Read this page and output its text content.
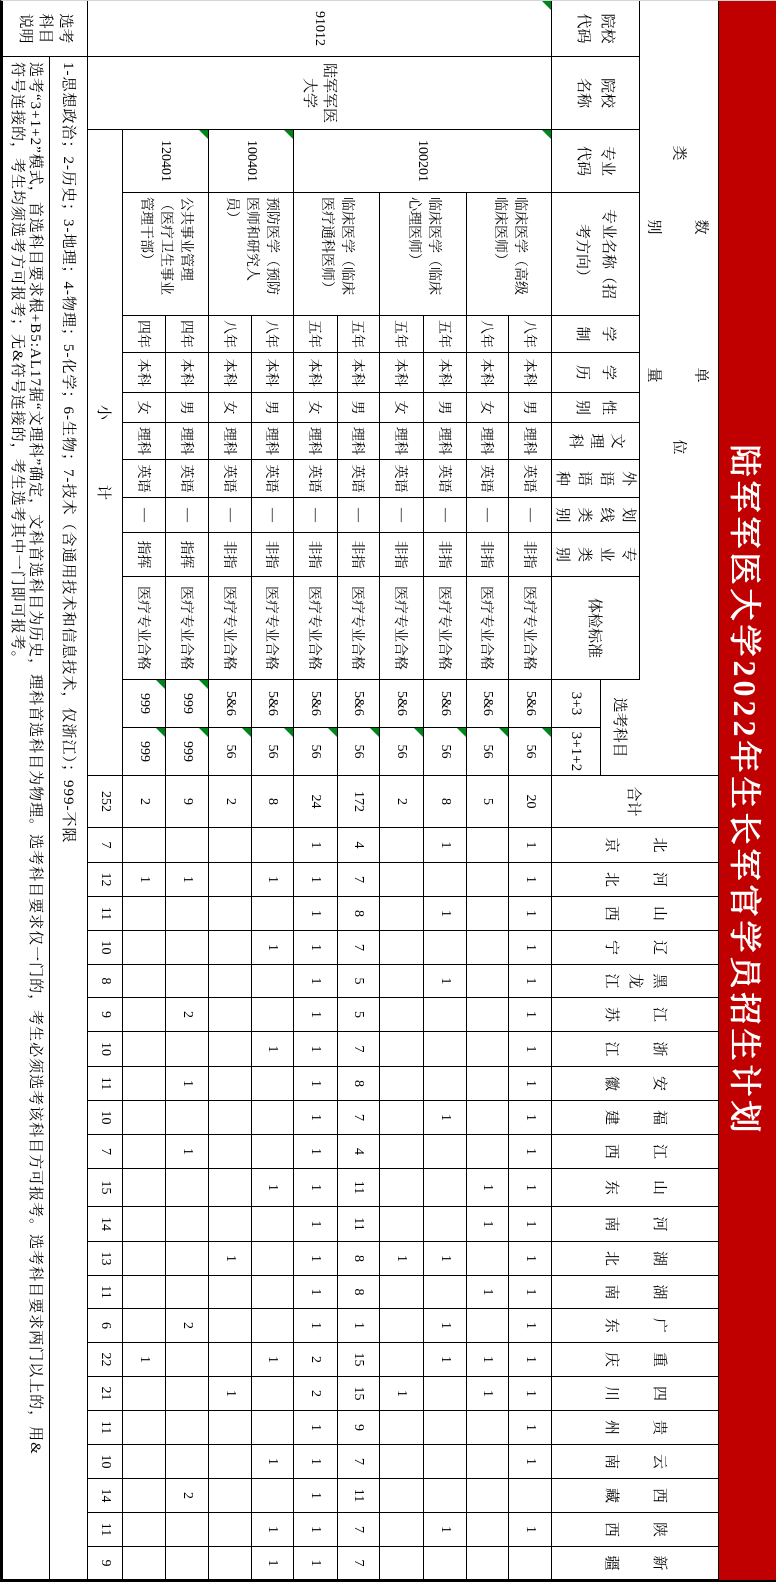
陆军军医大学2022年生长军官学员招生计划
数
单
类
位
别
量
选考科目
3+3
3+1+2
合计
院校代码
院校名称
专业代码
专业名称（招考方向）
学制
学历
性别
文理科
外语语种
划线类别
专业类别
体检标准
91012
陆军军医大学
100201
100401
120401
临床医学（高级临床医师）
临床医学（临床心理医师）
临床医学（临床医疗通科医师）
预防医学（预防医师和研究人员）
公共事业管理（医疗卫生事业管理干部）
小计
252
选考科目说明
1-思想政治；2-历史；3-地理；4-物理；5-化学；6-生物；7-技术（含通用技术和信息技术，仅浙江）；999-不限
选考“3+1+2”模式，首选科目要求根+B5:AL17据“文理科”确定，文科首选科目为历史，理科首选科目为物理。选考科目要求仅一门的，考生必须选考该科目方可报考。选考科目要求两门以上的，用&
符号连接的，考生均须选考方可报考；无&符号连接的，考生选考其中一门即可报考。
北京
河北
山西
辽宁
黑龙江
江苏
浙江
安徽
福建
江西
山东
河南
湖北
湖南
广东
重庆
四川
贵州
云南
西藏
陕西
新疆
八年
本科
男
理科
英语
—
非指
医疗专业合格
5&6
56
20
1
1
1
1
1
1
1
1
1
1
1
1
1
1
1
1
1
1
1
1
八年
本科
女
理科
英语
—
非指
医疗专业合格
5&6
56
5
1
1
1
1
1
五年
本科
男
理科
英语
—
非指
医疗专业合格
5&6
56
8
1
1
1
1
1
1
1
1
五年
本科
女
理科
英语
—
非指
医疗专业合格
5&6
56
2
1
1
五年
本科
男
理科
英语
—
非指
医疗专业合格
5&6
56
172
4
7
8
7
5
5
7
8
7
4
11
11
8
8
1
15
15
9
7
11
7
7
五年
本科
女
理科
英语
—
非指
医疗专业合格
5&6
56
24
1
1
1
1
1
1
1
1
1
1
1
1
1
1
1
2
2
1
1
1
1
1
八年
本科
男
理科
英语
—
非指
医疗专业合格
5&6
56
8
1
1
1
1
1
1
1
1
八年
本科
女
理科
英语
—
非指
医疗专业合格
5&6
56
2
1
1
四年
本科
男
理科
英语
—
指挥
医疗专业合格
999
999
9
1
2
1
1
2
2
四年
本科
女
理科
英语
—
指挥
医疗专业合格
999
999
2
1
1
7
12
11
10
8
9
10
11
10
7
15
14
13
11
6
22
21
11
10
14
11
9
